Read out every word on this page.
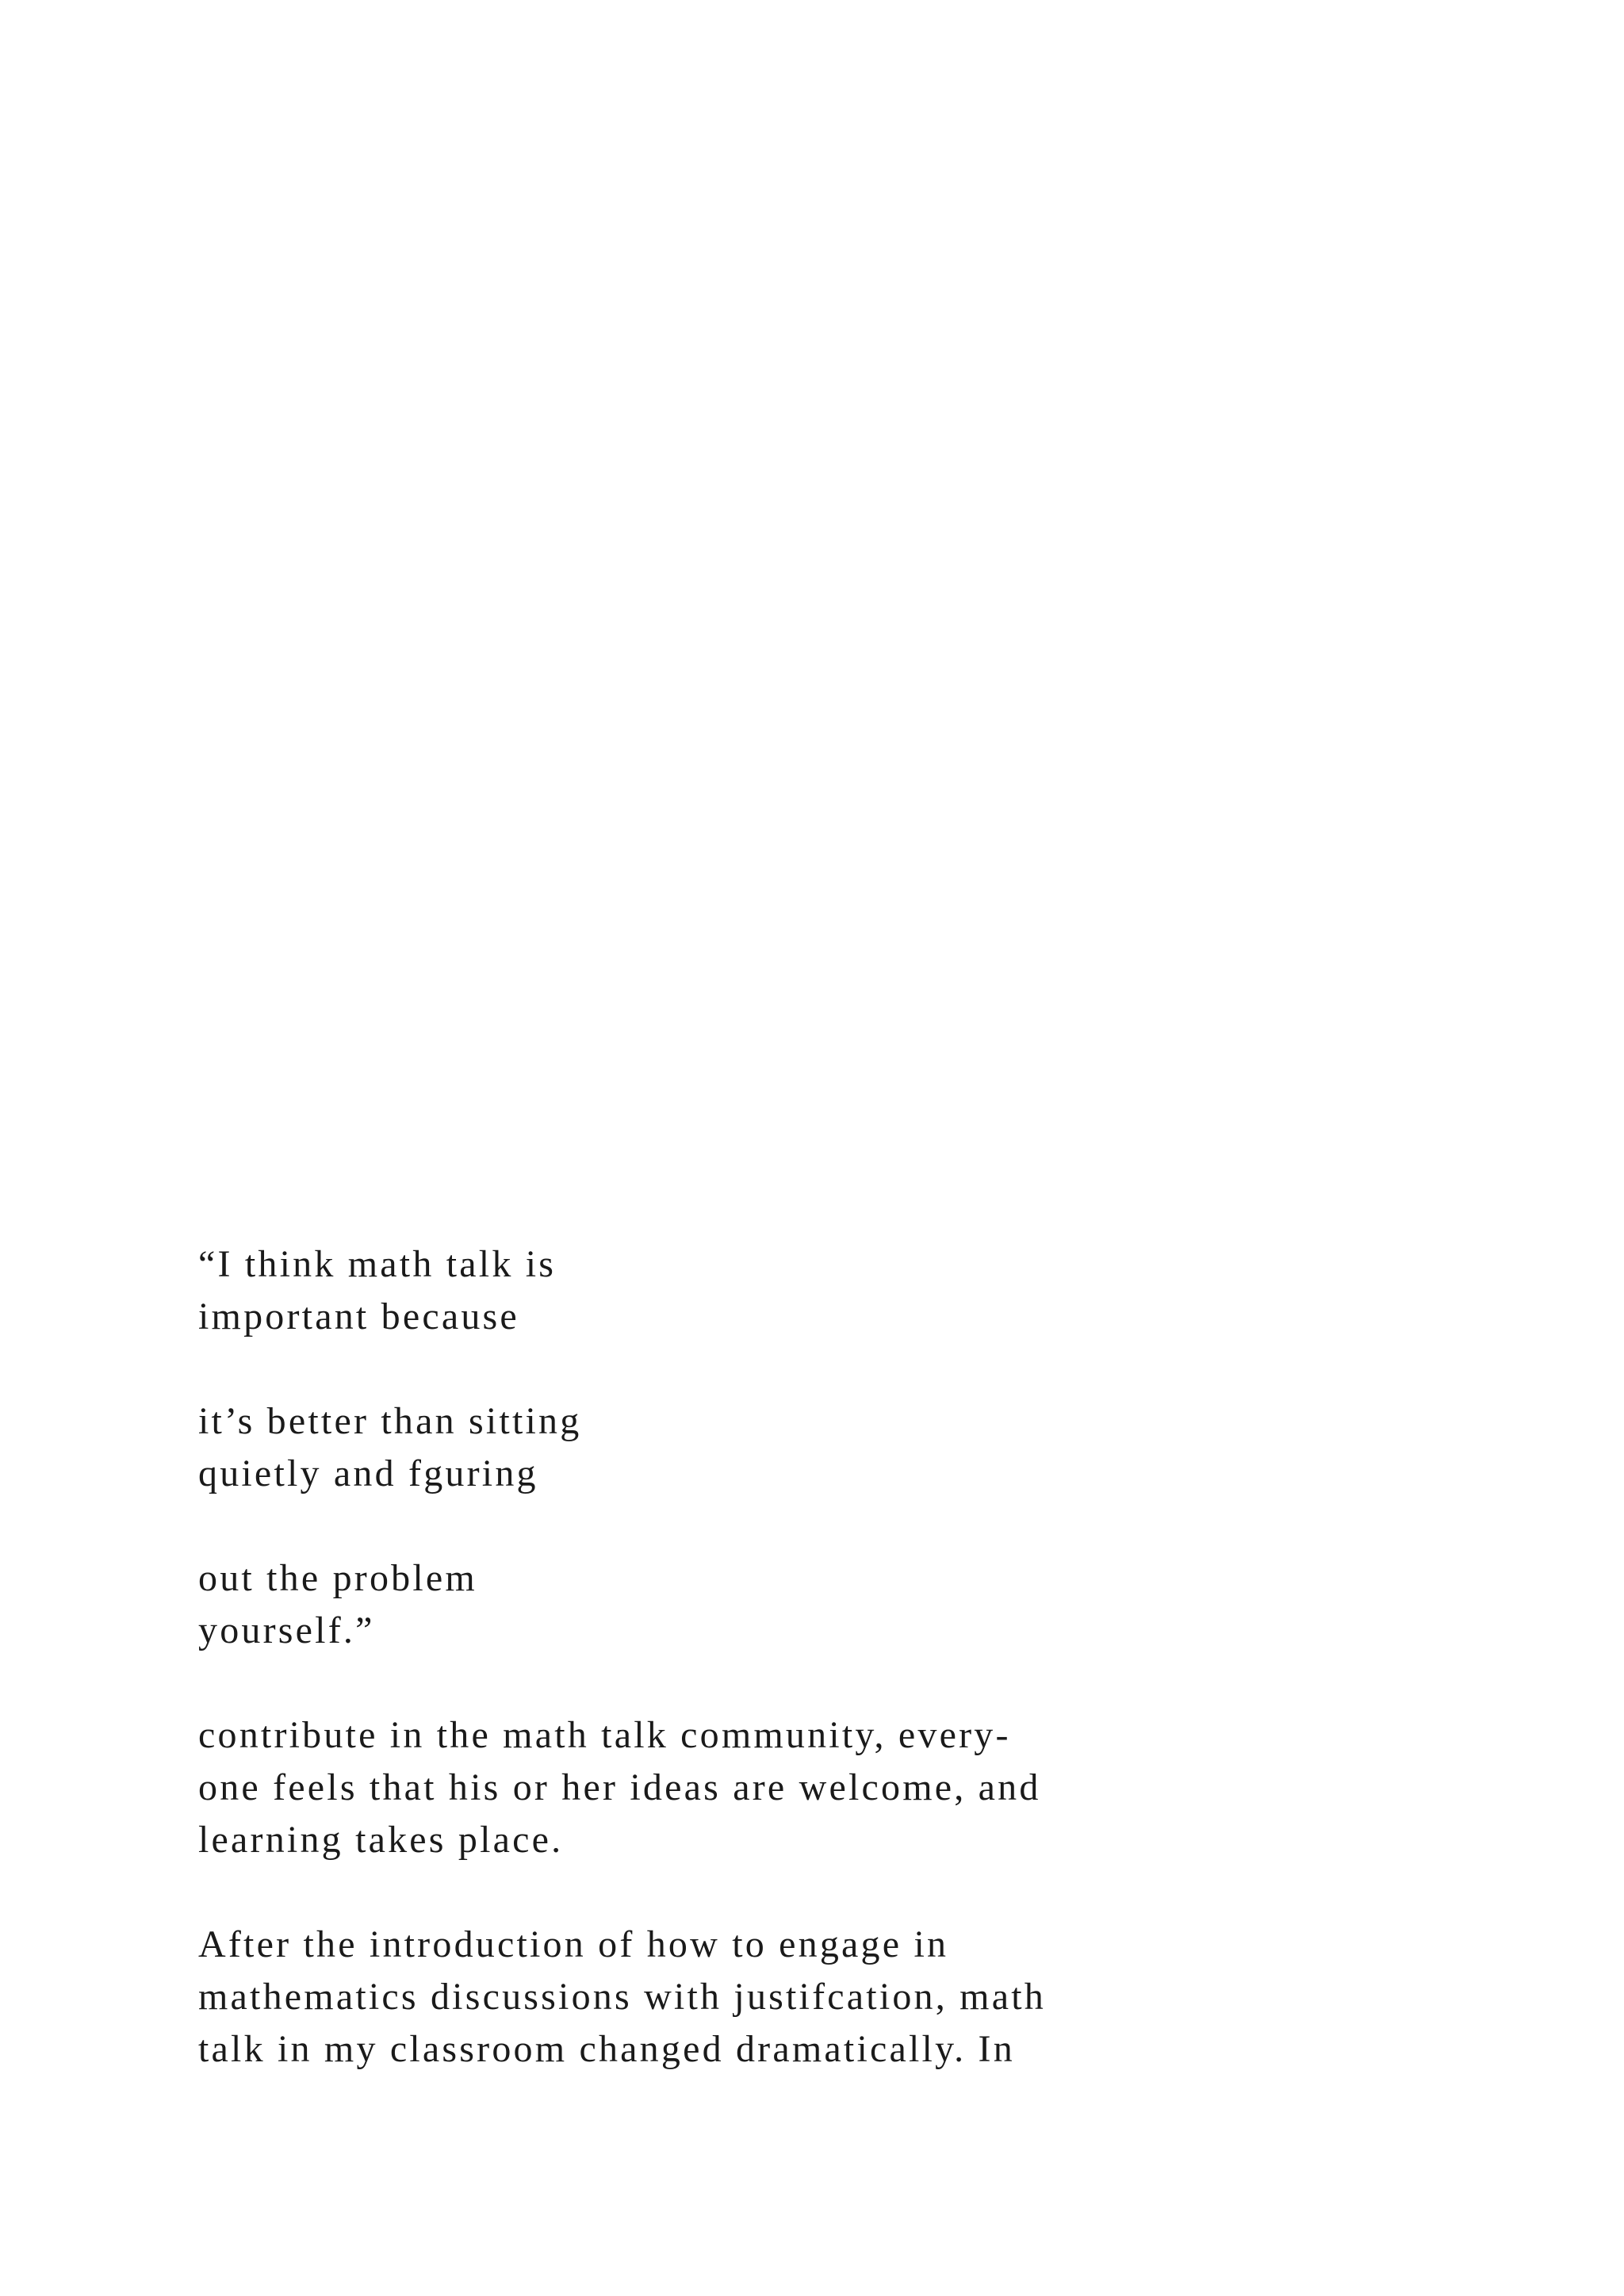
“I think math talk is
important because

it’s better than sitting
quietly and fguring

out the problem
yourself.”

contribute in the math talk community, every-
one feels that his or her ideas are welcome, and
learning takes place.

After the introduction of how to engage in
mathematics discussions with justifcation, math
talk in my classroom changed dramatically. In
